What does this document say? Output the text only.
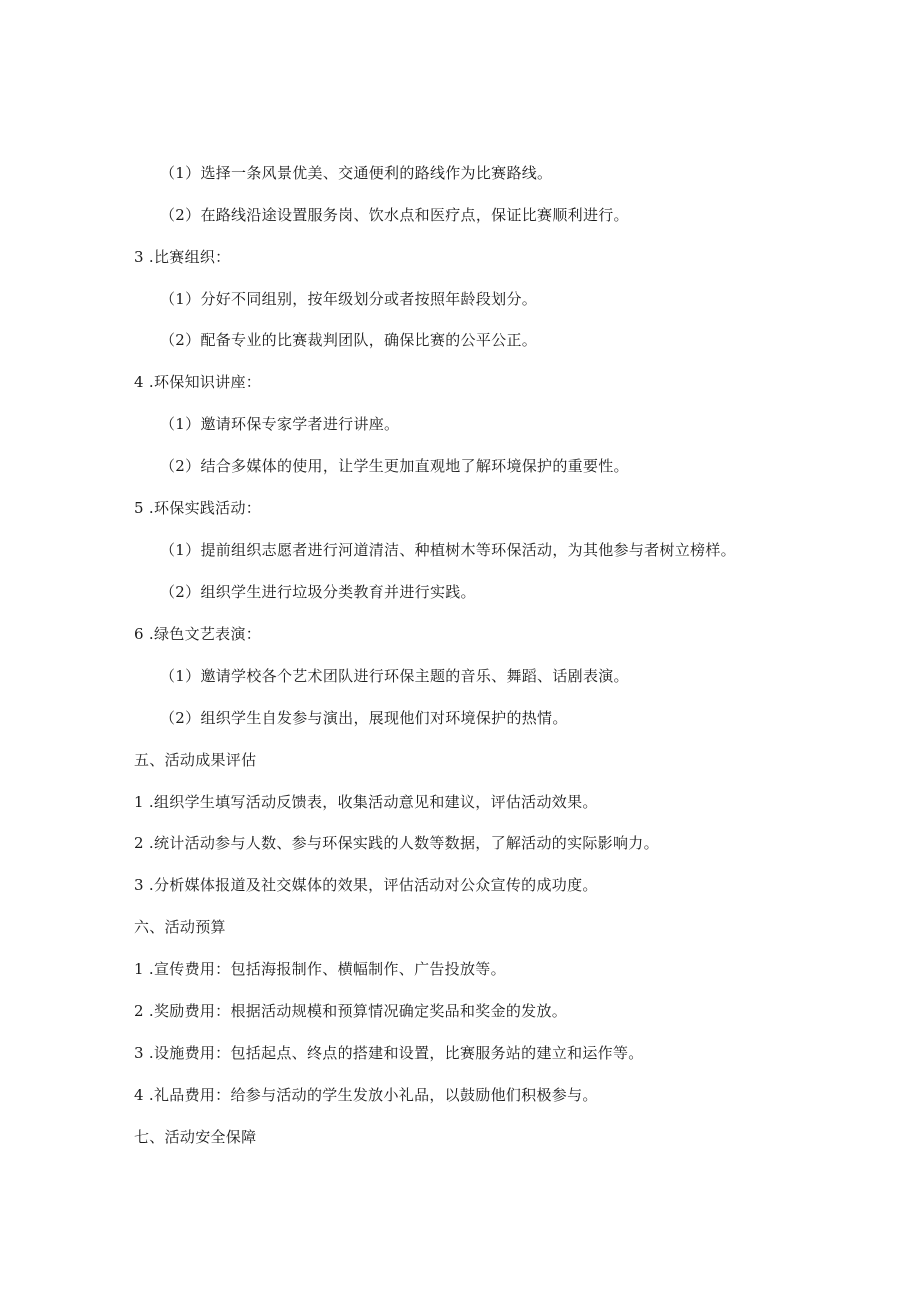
（1）选择一条风景优美、交通便利的路线作为比赛路线。
（2）在路线沿途设置服务岗、饮水点和医疗点，保证比赛顺利进行。
3 .比赛组织：
（1）分好不同组别，按年级划分或者按照年龄段划分。
（2）配备专业的比赛裁判团队，确保比赛的公平公正。
4 .环保知识讲座：
（1）邀请环保专家学者进行讲座。
（2）结合多媒体的使用，让学生更加直观地了解环境保护的重要性。
5 .环保实践活动：
（1）提前组织志愿者进行河道清洁、种植树木等环保活动，为其他参与者树立榜样。
（2）组织学生进行垃圾分类教育并进行实践。
6 .绿色文艺表演：
（1）邀请学校各个艺术团队进行环保主题的音乐、舞蹈、话剧表演。
（2）组织学生自发参与演出，展现他们对环境保护的热情。
五、活动成果评估
1 .组织学生填写活动反馈表，收集活动意见和建议，评估活动效果。
2 .统计活动参与人数、参与环保实践的人数等数据，了解活动的实际影响力。
3 .分析媒体报道及社交媒体的效果，评估活动对公众宣传的成功度。
六、活动预算
1 .宣传费用：包括海报制作、横幅制作、广告投放等。
2 .奖励费用：根据活动规模和预算情况确定奖品和奖金的发放。
3 .设施费用：包括起点、终点的搭建和设置，比赛服务站的建立和运作等。
4 .礼品费用：给参与活动的学生发放小礼品，以鼓励他们积极参与。
七、活动安全保障
